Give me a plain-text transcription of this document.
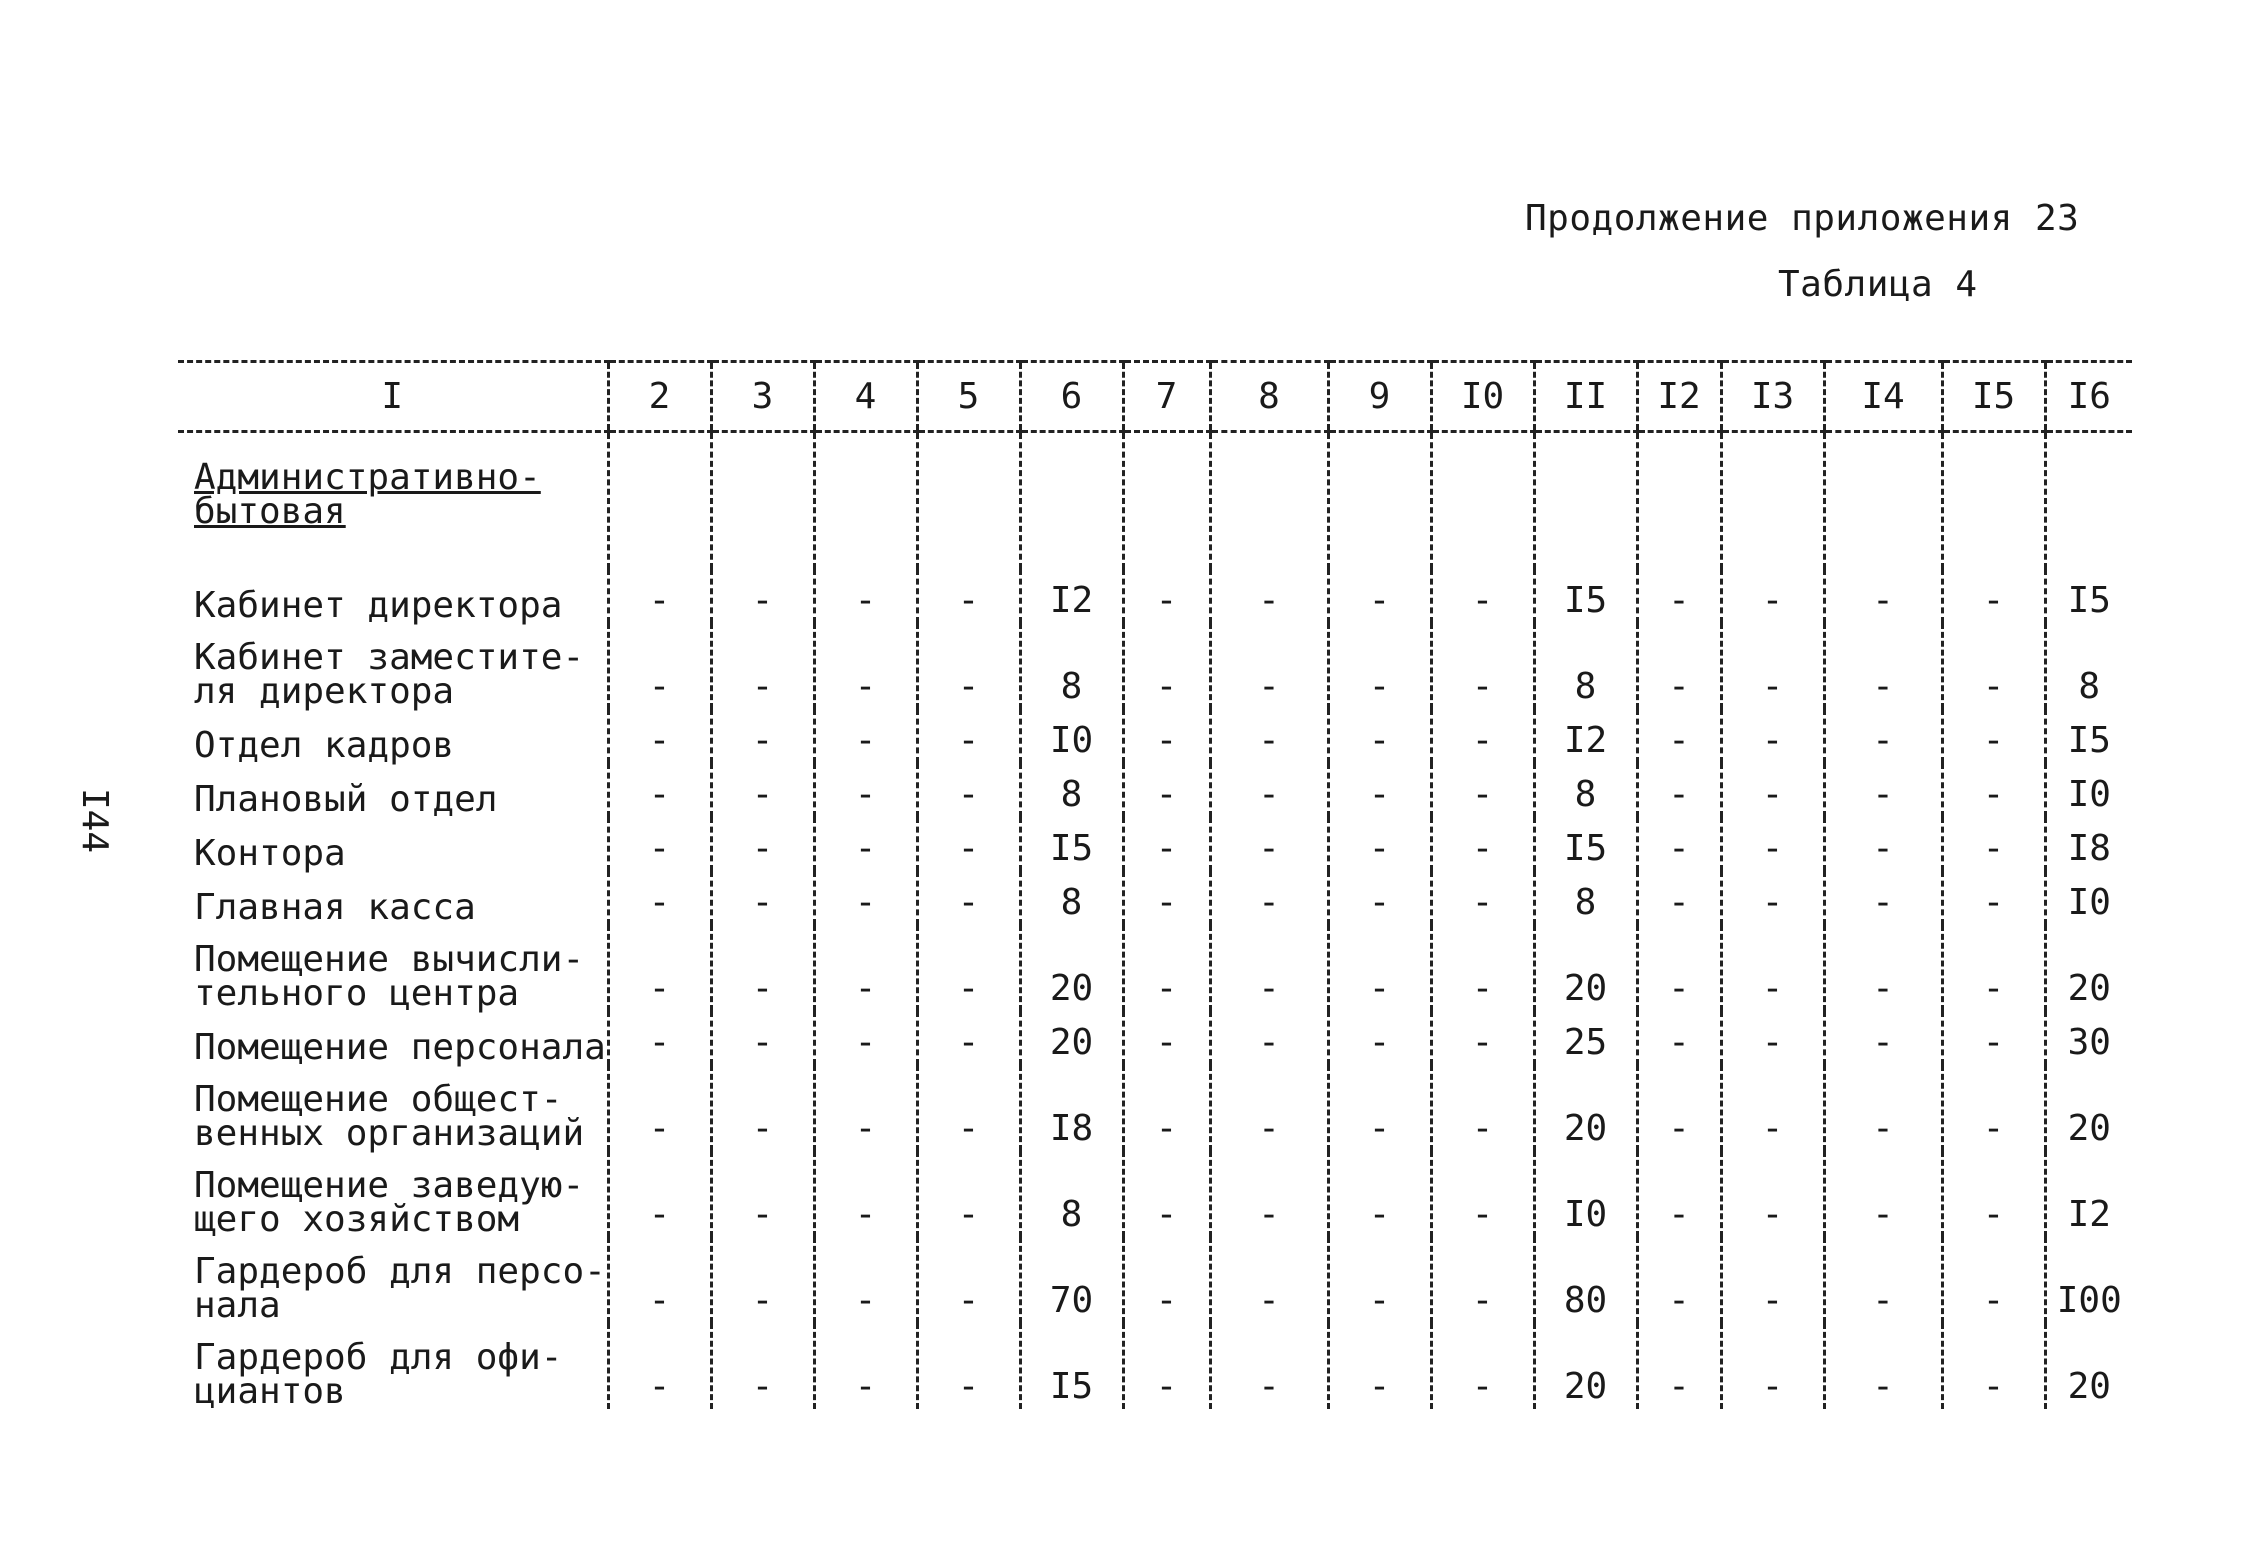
Продолжение приложения 23
Таблица 4
I44
I	2	3	4	5	6	7	8	9	I0	II	I2	I3	I4	I5	I6
Административно-
бытовая															
Кабинет директора	-	-	-	-	I2	-	-	-	-	I5	-	-	-	-	I5
Кабинет заместите-
ля директора	-	-	-	-	8	-	-	-	-	8	-	-	-	-	8
Отдел кадров	-	-	-	-	I0	-	-	-	-	I2	-	-	-	-	I5
Плановый отдел	-	-	-	-	8	-	-	-	-	8	-	-	-	-	I0
Контора	-	-	-	-	I5	-	-	-	-	I5	-	-	-	-	I8
Главная касса	-	-	-	-	8	-	-	-	-	8	-	-	-	-	I0
Помещение вычисли-
тельного центра	-	-	-	-	20	-	-	-	-	20	-	-	-	-	20
Помещение персонала	-	-	-	-	20	-	-	-	-	25	-	-	-	-	30
Помещение общест-
венных организаций	-	-	-	-	I8	-	-	-	-	20	-	-	-	-	20
Помещение заведую-
щего хозяйством	-	-	-	-	8	-	-	-	-	I0	-	-	-	-	I2
Гардероб для персо-
нала	-	-	-	-	70	-	-	-	-	80	-	-	-	-	I00
Гардероб для офи-
циантов	-	-	-	-	I5	-	-	-	-	20	-	-	-	-	20
